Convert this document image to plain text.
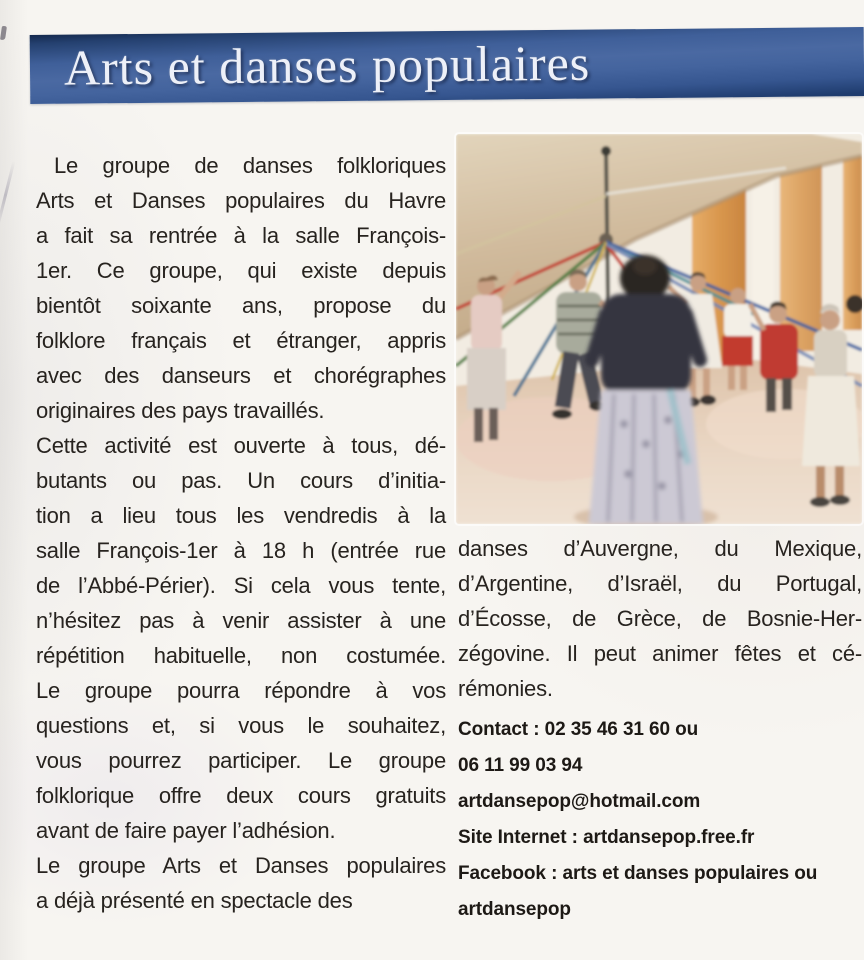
Arts et danses populaires
Le groupe de danses folkloriques
Arts et Danses populaires du Havre
a fait sa rentrée à la salle François-
1er. Ce groupe, qui existe depuis
bientôt soixante ans, propose du
folklore français et étranger, appris
avec des danseurs et chorégraphes
originaires des pays travaillés.
Cette activité est ouverte à tous, dé-
butants ou pas. Un cours d’initia-
tion a lieu tous les vendredis à la
salle François-1er à 18 h (entrée rue
de l’Abbé-Périer). Si cela vous tente,
n’hésitez pas à venir assister à une
répétition habituelle, non costumée.
Le groupe pourra répondre à vos
questions et, si vous le souhaitez,
vous pourrez participer. Le groupe
folklorique offre deux cours gratuits
avant de faire payer l’adhésion.
Le groupe Arts et Danses populaires
a déjà présenté en spectacle des
danses d’Auvergne, du Mexique,
d’Argentine, d’Israël, du Portugal,
d’Écosse, de Grèce, de Bosnie-Her-
zégovine. Il peut animer fêtes et cé-
rémonies.
Contact : 02 35 46 31 60 ou
06 11 99 03 94
artdansepop@hotmail.com
Site Internet : artdansepop.free.fr
Facebook : arts et danses populaires ou
artdansepop
